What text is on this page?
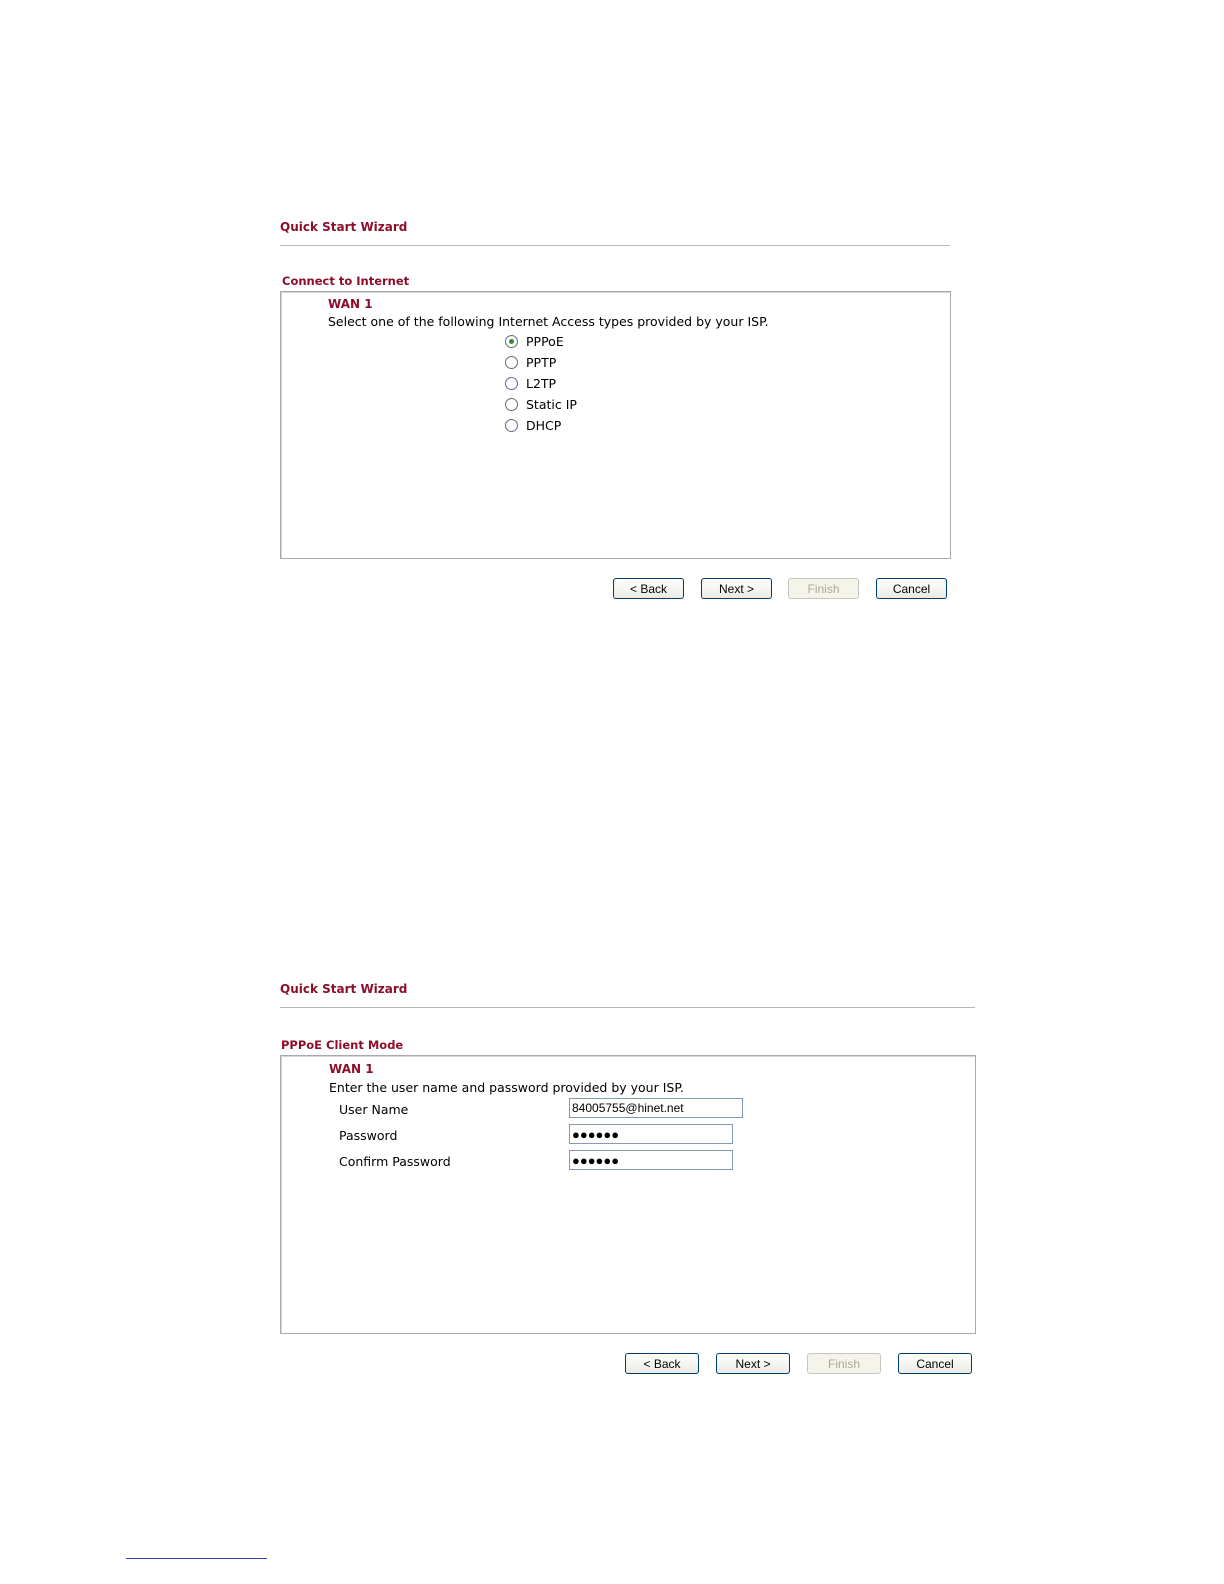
Quick Start Wizard
Connect to Internet
WAN 1
Select one of the following Internet Access types provided by your ISP.
PPPoE
PPTP
L2TP
Static IP
DHCP
< Back	Next >	Finish	Cancel
Quick Start Wizard
PPPoE Client Mode
WAN 1
Enter the user name and password provided by your ISP.
User Name	84005755@hinet.net
Password	●●●●●●
Confirm Password	●●●●●●
< Back	Next >	Finish	Cancel
